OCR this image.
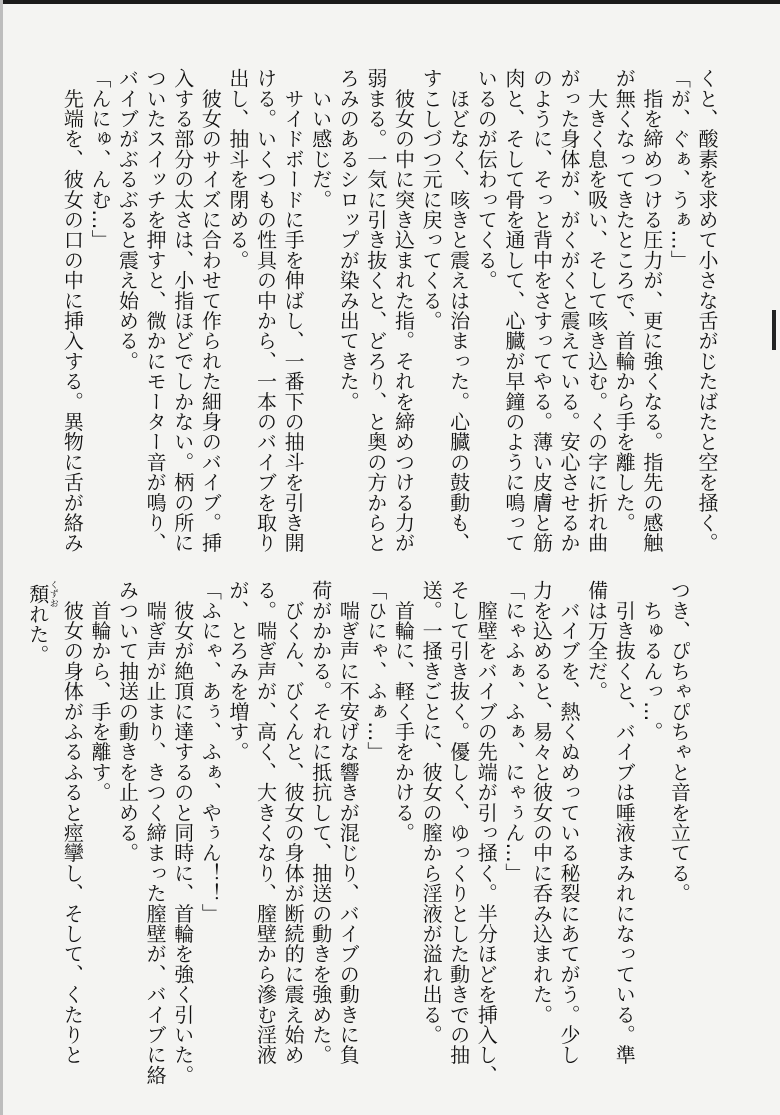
くと、酸素を求めて小さな舌がじたばたと空を掻く。
「が、ぐぁ、うぁ…」
　指を締めつける圧力が、更に強くなる。指先の感触
が無くなってきたところで、首輪から手を離した。
　大きく息を吸い、そして咳き込む。くの字に折れ曲
がった身体が、がくがくと震えている。安心させるか
のように、そっと背中をさすってやる。薄い皮膚と筋
肉と、そして骨を通して、心臓が早鐘のように鳴って
いるのが伝わってくる。
　ほどなく、咳きと震えは治まった。心臓の鼓動も、
すこしづつ元に戻ってくる。
　彼女の中に突き込まれた指。それを締めつける力が
弱まる。一気に引き抜くと、どろり、と奥の方からと
ろみのあるシロップが染み出てきた。
　いい感じだ。
　サイドボードに手を伸ばし、一番下の抽斗を引き開
ける。いくつもの性具の中から、一本のバイブを取り
出し、抽斗を閉める。
　彼女のサイズに合わせて作られた細身のバイブ。挿
入する部分の太さは、小指ほどでしかない。柄の所に
ついたスイッチを押すと、微かにモーター音が鳴り、
バイブがぶるぶると震え始める。
「んにゅ、んむ…」
　先端を、彼女の口の中に挿入する。異物に舌が絡み

つき、ぴちゃぴちゃと音を立てる。
　ちゅるんっ…。
　引き抜くと、バイブは唾液まみれになっている。準
備は万全だ。
　バイブを、熱くぬめっている秘裂にあてがう。少し
力を込めると、易々と彼女の中に呑み込まれた。
「にゃふぁ、ふぁ、にゃぅん…」
　膣壁をバイブの先端が引っ掻く。半分ほどを挿入し、
そして引き抜く。優しく、ゆっくりとした動きでの抽
送。一掻きごとに、彼女の膣から淫液が溢れ出る。
　首輪に、軽く手をかける。
「ひにゃ、ふぁ…」
　喘ぎ声に不安げな響きが混じり、バイブの動きに負
荷がかかる。それに抵抗して、抽送の動きを強めた。
　びくん、びくんと、彼女の身体が断続的に震え始め
る。喘ぎ声が、高く、大きくなり、膣壁から滲む淫液
が、とろみを増す。
「ふにゃ、あぅ、ふぁ、やぅん！！」
　彼女が絶頂に達するのと同時に、首輪を強く引いた。
　喘ぎ声が止まり、きつく締まった膣壁が、バイブに絡
みついて抽送の動きを止める。
　首輪から、手を離す。
　彼女の身体がふるふると痙攣し、そして、くたりと
頽くずおれた。
